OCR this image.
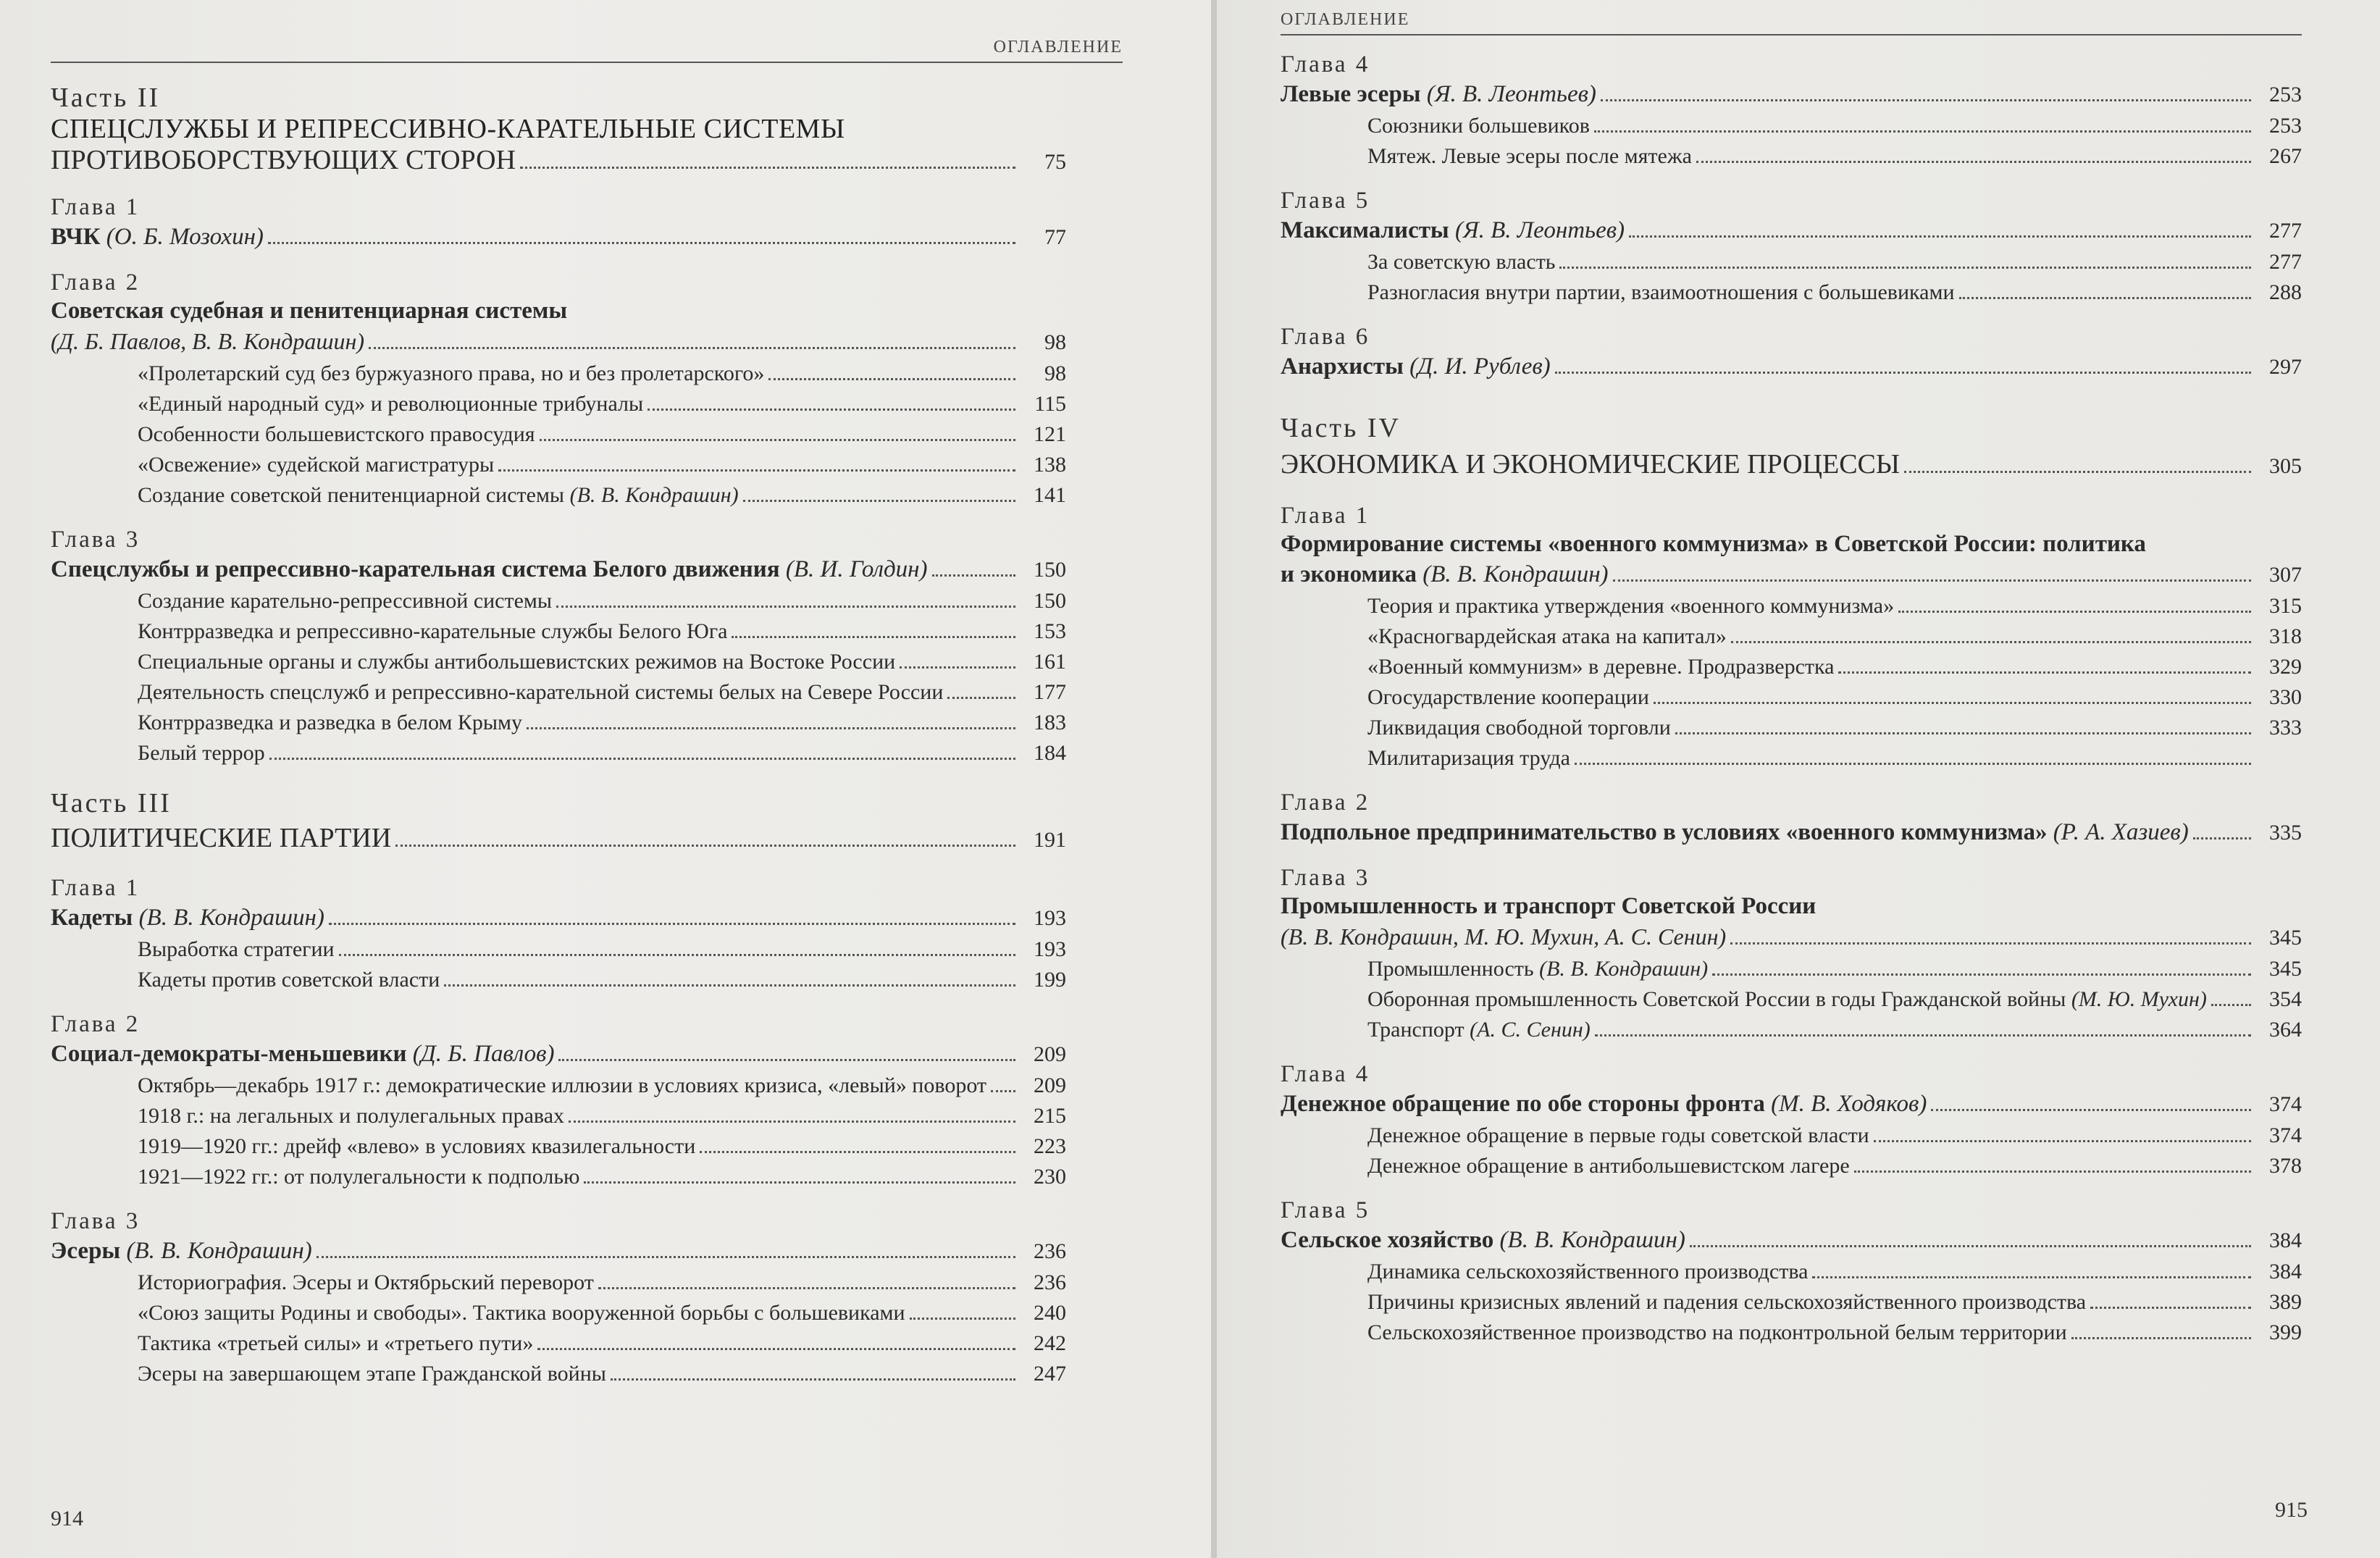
ОГЛАВЛЕНИЕ
Часть II
СПЕЦСЛУЖБЫ И РЕПРЕССИВНО-КАРАТЕЛЬНЫЕ СИСТЕМЫ
ПРОТИВОБОРСТВУЮЩИХ СТОРОН	75
Глава 1
ВЧК
(О. Б. Мозохин)	77
Глава 2
Советская судебная и пенитенциарная системы
(Д. Б. Павлов, В. В. Кондрашин)	98
«Пролетарский суд без буржуазного права, но и без пролетарского»	98
«Единый народный суд» и революционные трибуналы	115
Особенности большевистского правосудия	121
«Освежение» судейской магистратуры	138
Создание советской пенитенциарной системы
(В. В. Кондрашин)	141
Глава 3
Спецслужбы и репрессивно-карательная система Белого движения
(В. И. Голдин)	150
Создание карательно-репрессивной системы	150
Контрразведка и репрессивно-карательные службы Белого Юга	153
Специальные органы и службы антибольшевистских режимов на Востоке России	161
Деятельность спецслужб и репрессивно-карательной системы белых на Севере России	177
Контрразведка и разведка в белом Крыму	183
Белый террор	184
Часть III
ПОЛИТИЧЕСКИЕ ПАРТИИ	191
Глава 1
Кадеты
(В. В. Кондрашин)	193
Выработка стратегии	193
Кадеты против советской власти	199
Глава 2
Социал-демократы-меньшевики
(Д. Б. Павлов)	209
Октябрь—декабрь 1917 г.: демократические иллюзии в условиях кризиса, «левый» поворот	209
1918 г.: на легальных и полулегальных правах	215
1919—1920 гг.: дрейф «влево» в условиях квазилегальности	223
1921—1922 гг.: от полулегальности к подполью	230
Глава 3
Эсеры
(В. В. Кондрашин)	236
Историография. Эсеры и Октябрьский переворот	236
«Союз защиты Родины и свободы». Тактика вооруженной борьбы с большевиками	240
Тактика «третьей силы» и «третьего пути»	242
Эсеры на завершающем этапе Гражданской войны	247
914
ОГЛАВЛЕНИЕ
Глава 4
Левые эсеры
(Я. В. Леонтьев)	253
Союзники большевиков	253
Мятеж. Левые эсеры после мятежа	267
Глава 5
Максималисты
(Я. В. Леонтьев)	277
За советскую власть	277
Разногласия внутри партии, взаимоотношения с большевиками	288
Глава 6
Анархисты
(Д. И. Рублев)	297
Часть IV
ЭКОНОМИКА И ЭКОНОМИЧЕСКИЕ ПРОЦЕССЫ	305
Глава 1
Формирование системы «военного коммунизма» в Советской России: политика
и экономика
(В. В. Кондрашин)	307
Теория и практика утверждения «военного коммунизма»	315
«Красногвардейская атака на капитал»	318
«Военный коммунизм» в деревне. Продразверстка	329
Огосударствление кооперации	330
Ликвидация свободной торговли	333
Милитаризация труда
Глава 2
Подпольное предпринимательство в условиях «военного коммунизма»
(Р. А. Хазиев)	335
Глава 3
Промышленность и транспорт Советской России
(В. В. Кондрашин, М. Ю. Мухин, А. С. Сенин)	345
Промышленность
(В. В. Кондрашин)	345
Оборонная промышленность Советской России в годы Гражданской войны
(М. Ю. Мухин)	354
Транспорт
(А. С. Сенин)	364
Глава 4
Денежное обращение по обе стороны фронта
(М. В. Ходяков)	374
Денежное обращение в первые годы советской власти	374
Денежное обращение в антибольшевистском лагере	378
Глава 5
Сельское хозяйство
(В. В. Кондрашин)	384
Динамика сельскохозяйственного производства	384
Причины кризисных явлений и падения сельскохозяйственного производства	389
Сельскохозяйственное производство на подконтрольной белым территории	399
915
